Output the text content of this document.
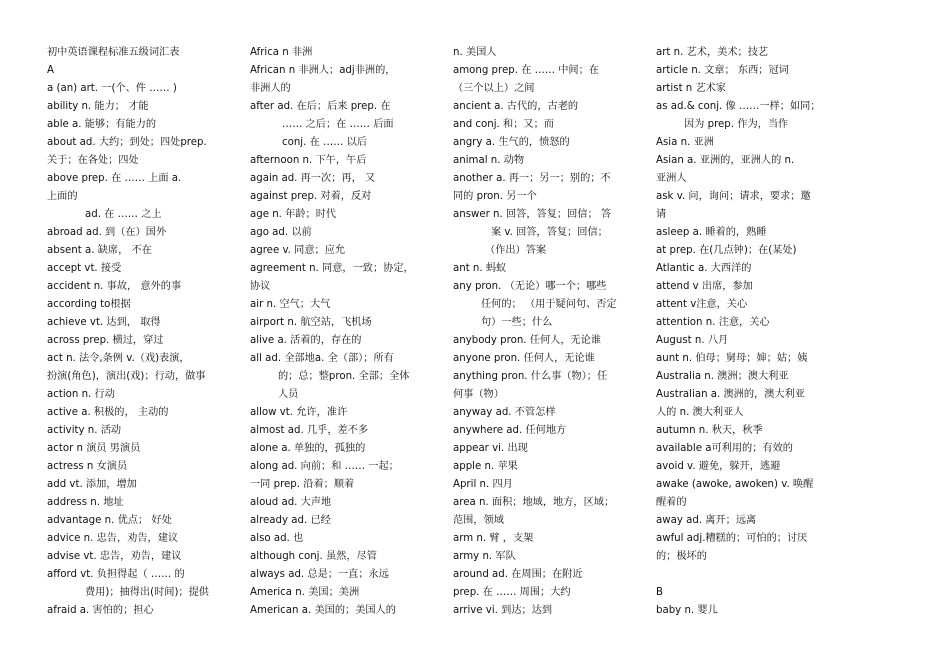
初中英语课程标准五级词汇表
A
a (an) art. 一(个、件 …… )
ability n. 能力； 才能
able a. 能够；有能力的
about ad. 大约；到处；四处prep.
关于；在各处；四处
above prep. 在 …… 上面 a.
上面的
ad. 在 …… 之上
abroad ad. 到（在）国外
absent a. 缺席， 不在
accept vt. 接受
accident n. 事故， 意外的事
according to根据
achieve vt. 达到， 取得
across prep. 横过，穿过
act n. 法令,条例 v.（戏)表演，
扮演(角色)，演出(戏)；行动，做事
action n. 行动
active a. 积极的， 主动的
activity n. 活动
actor n 演员 男演员
actress n 女演员
add vt. 添加，增加
address n. 地址
advantage n. 优点； 好处
advice n. 忠告，劝告，建议
advise vt. 忠告，劝告，建议
afford vt. 负担得起（ …… 的
费用)；抽得出(时间)；提供
afraid a. 害怕的；担心
Africa n 非洲
African n 非洲人；adj非洲的，
非洲人的
after ad. 在后；后来 prep. 在
…… 之后；在 …… 后面
conj. 在 …… 以后
afternoon n. 下午，午后
again ad. 再一次；再， 又
against prep. 对着，反对
age n. 年龄；时代
ago ad. 以前
agree v. 同意；应允
agreement n. 同意，一致；协定，
协议
air n. 空气；大气
airport n. 航空站，飞机场
alive a. 活着的，存在的
all ad. 全部地a. 全（部）；所有
的；总；整pron. 全部；全体
人员
allow vt. 允许，准许
almost ad. 几乎，差不多
alone a. 单独的，孤独的
along ad. 向前；和 …… 一起；
一同 prep. 沿着；顺着
aloud ad. 大声地
already ad. 已经
also ad. 也
although conj. 虽然，尽管
always ad. 总是；一直；永远
America n. 美国；美洲
American a. 美国的；美国人的
n. 美国人
among prep. 在 …… 中间；在
（三个以上）之间
ancient a. 古代的，古老的
and conj. 和；又；而
angry a. 生气的，愤怒的
animal n. 动物
another a. 再一；另一；别的；不
同的 pron. 另一个
answer n. 回答，答复；回信； 答
案 v. 回答，答复；回信；
（作出）答案
ant n. 蚂蚁
any pron. （无论）哪一个；哪些
任何的； （用于疑问句、否定
句）一些；什么
anybody pron. 任何人，无论谁
anyone pron. 任何人，无论谁
anything pron. 什么事（物）；任
何事（物）
anyway ad. 不管怎样
anywhere ad. 任何地方
appear vi. 出现
apple n. 苹果
April n. 四月
area n. 面积；地域，地方，区域；
范围，领域
arm n. 臂 ，支架
army n. 军队
around ad. 在周围；在附近
prep. 在 …… 周围；大约
arrive vi. 到达；达到
art n. 艺术，美术；技艺
article n. 文章； 东西；冠词
artist n 艺术家
as ad.& conj. 像 ……一样；如同；
因为 prep. 作为，当作
Asia n. 亚洲
Asian a. 亚洲的，亚洲人的 n.
亚洲人
ask v. 问，询问；请求，要求；邀
请
asleep a. 睡着的，熟睡
at prep. 在(几点钟)；在(某处)
Atlantic a. 大西洋的
attend v 出席，参加
attent v注意，关心
attention n. 注意，关心
August n. 八月
aunt n. 伯母；舅母；婶；姑；姨
Australia n. 澳洲；澳大利亚
Australian a. 澳洲的，澳大利亚
人的 n. 澳大利亚人
autumn n. 秋天，秋季
available a可利用的；有效的
avoid v. 避免，躲开，逃避
awake (awoke, awoken) v. 唤醒
醒着的
away ad. 离开；远离
awful adj.糟糕的；可怕的；讨厌
的；极坏的
B
baby n. 婴儿
